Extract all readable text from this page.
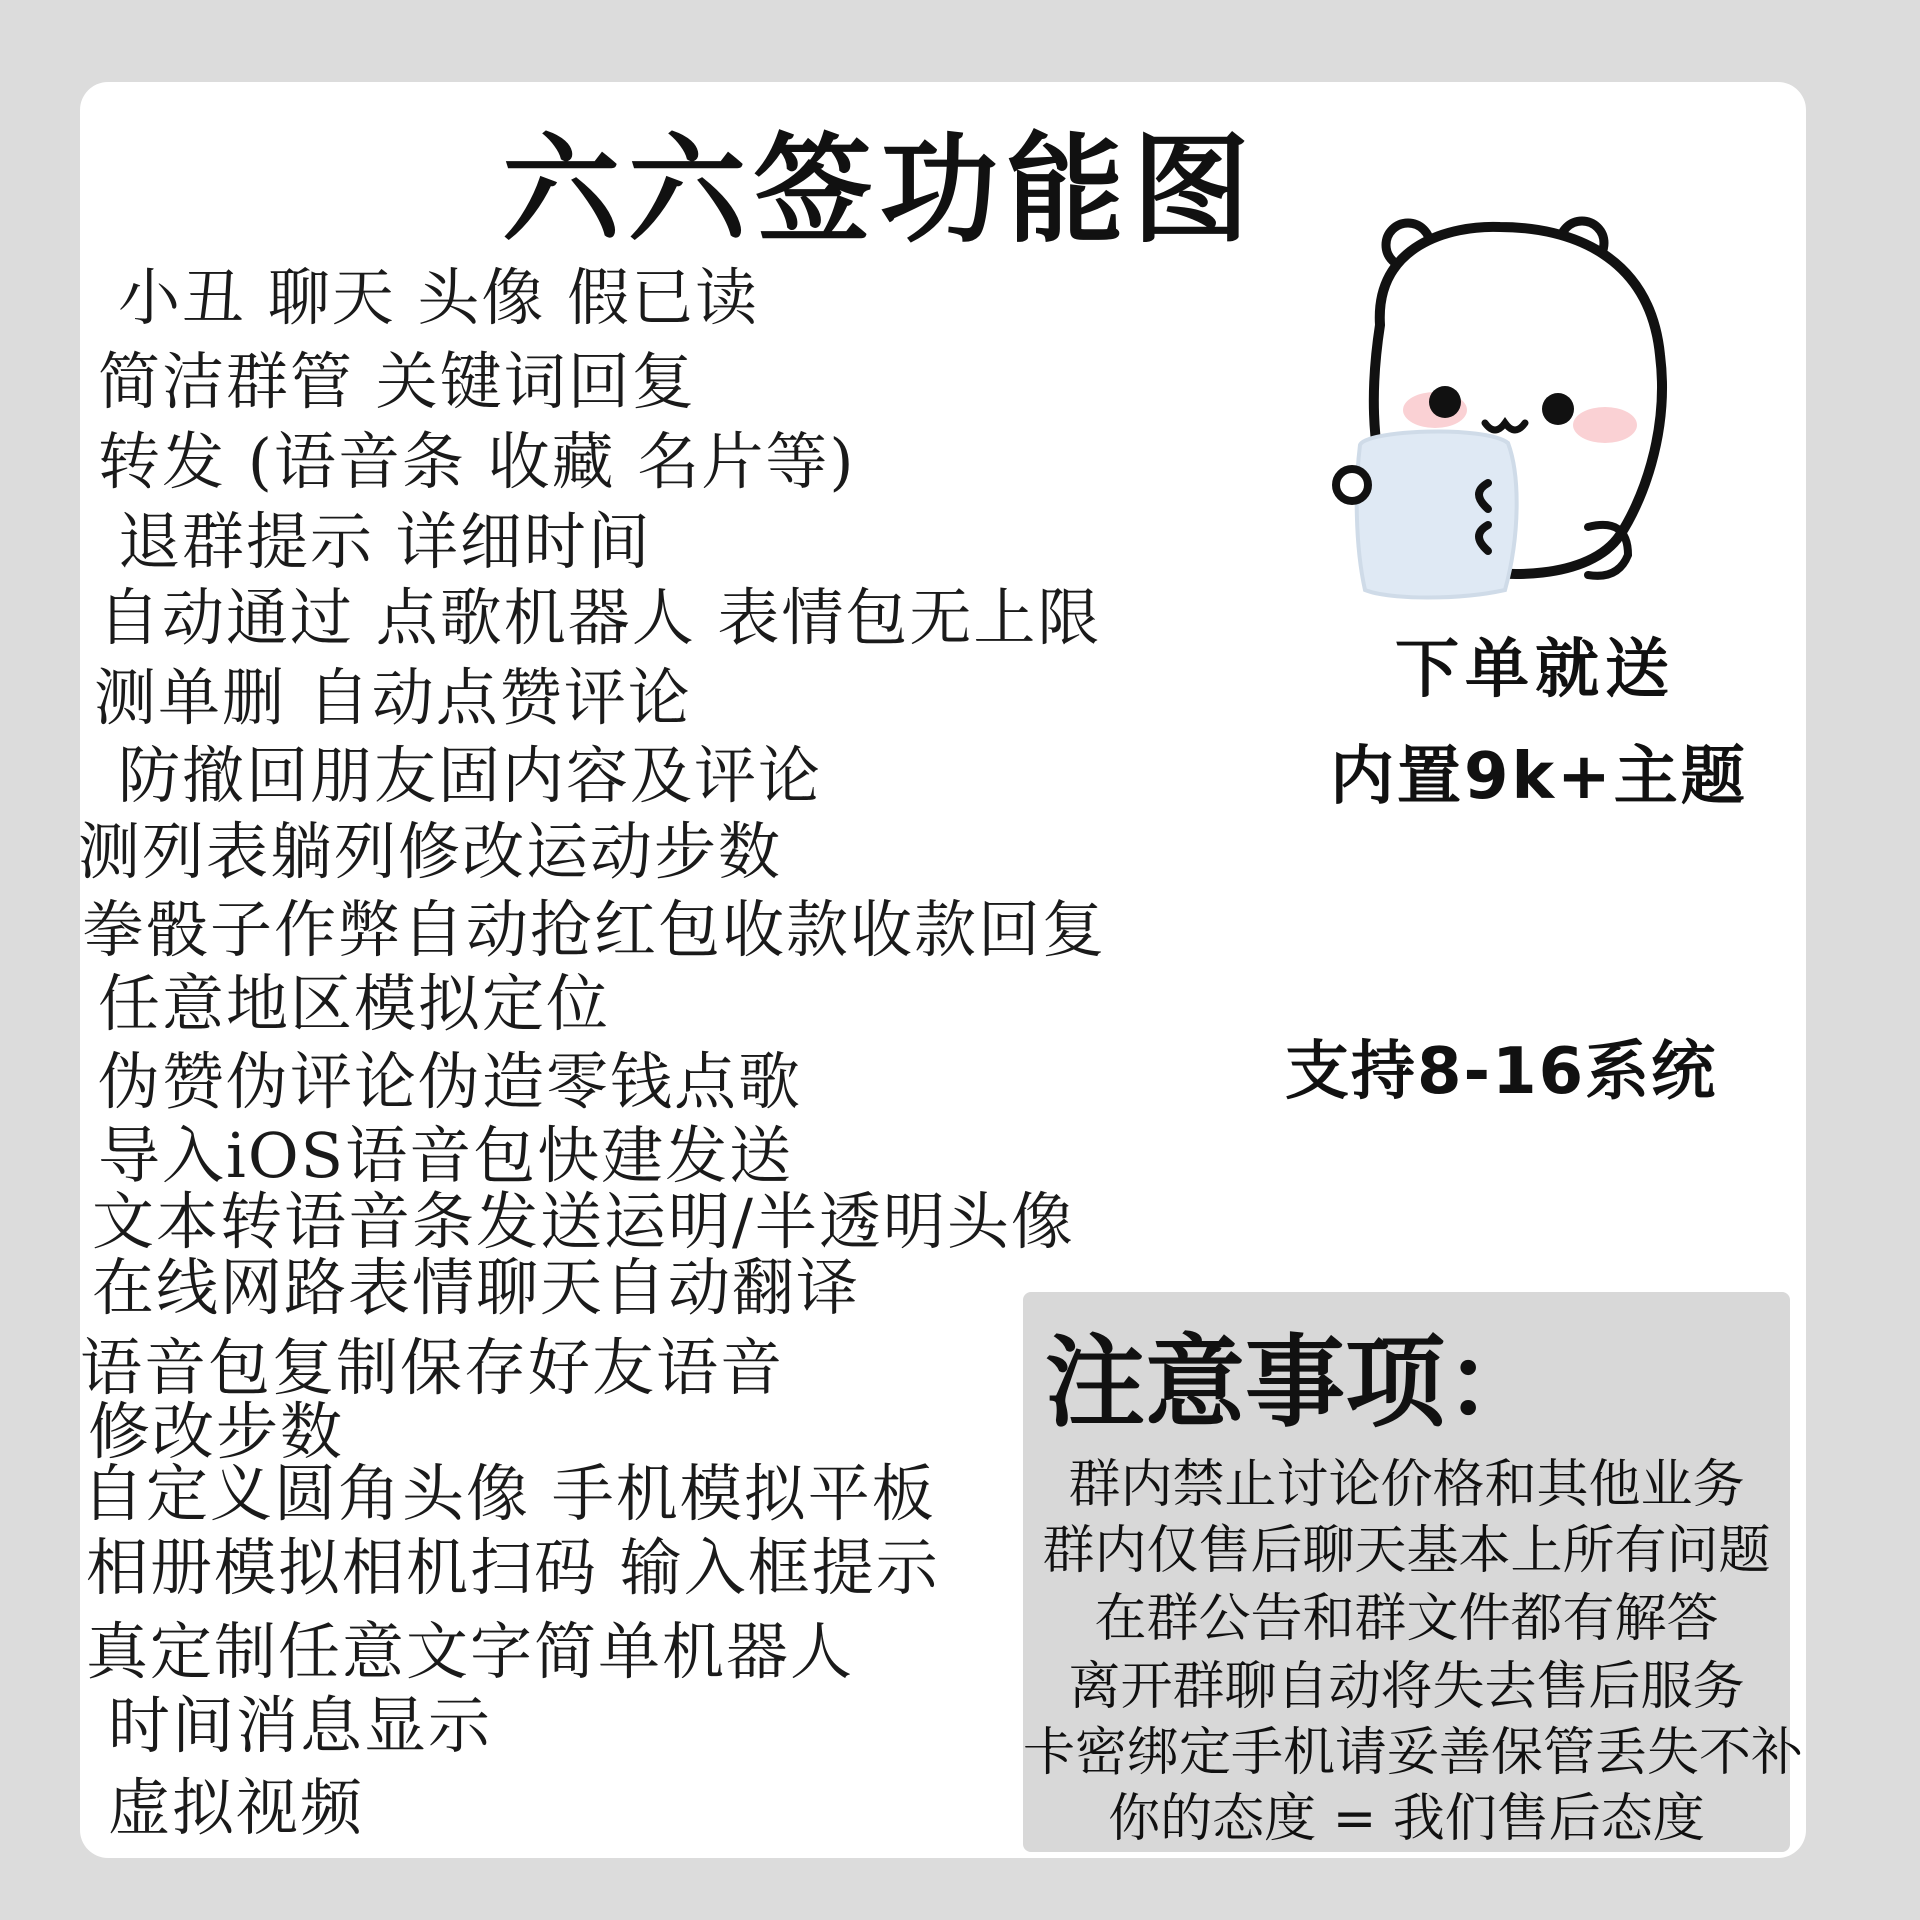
六六签功能图
小丑 聊天 头像 假已读
简洁群管 关键词回复
转发 (语音条 收藏 名片等)
退群提示 详细时间
自动通过 点歌机器人 表情包无上限
测单删 自动点赞评论
防撤回朋友固内容及评论
测列表躺列修改运动步数
拳骰子作弊自动抢红包收款收款回复
任意地区模拟定位
伪赞伪评论伪造零钱点歌
导入iOS语音包快建发送
文本转语音条发送运明/半透明头像
在线网路表情聊天自动翻译
语音包复制保存好友语音
修改步数
自定义圆角头像 手机模拟平板
相册模拟相机扫码 输入框提示
真定制任意文字简单机器人
时间消息显示
虚拟视频
下单就送
内置9k+主题
支持8-16系统
注意事项：
群内禁止讨论价格和其他业务
群内仅售后聊天基本上所有问题
在群公告和群文件都有解答
离开群聊自动将失去售后服务
卡密绑定手机请妥善保管丢失不补
你的态度 = 我们售后态度
